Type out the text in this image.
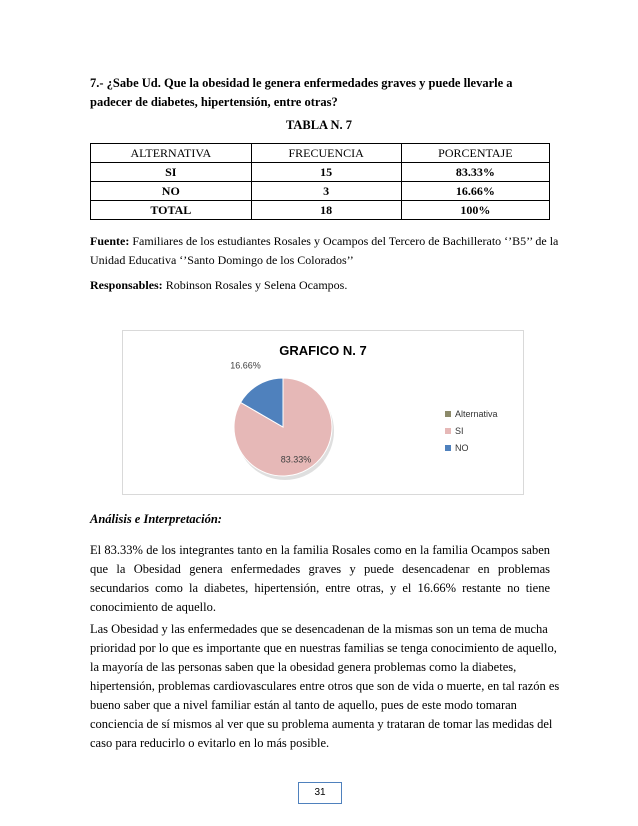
7.- ¿Sabe Ud. Que la obesidad le genera enfermedades graves y puede llevarle a padecer de diabetes, hipertensión, entre otras?
TABLA N. 7
ALTERNATIVA	FRECUENCIA	PORCENTAJE
SI	15	83.33%
NO	3	16.66%
TOTAL	18	100%
Fuente: Familiares de los estudiantes Rosales y Ocampos del Tercero de Bachillerato ‘’B5’’ de la Unidad Educativa ‘’Santo Domingo de los Colorados’’
Responsables: Robinson Rosales y Selena Ocampos.
GRAFICO N. 7
83.33%
16.66%
Alternativa
SI
NO
Análisis e Interpretación:
El 83.33% de los integrantes tanto en la familia Rosales como en la familia Ocampos saben que la Obesidad genera enfermedades graves y puede desencadenar en problemas secundarios como la diabetes, hipertensión, entre otras, y el 16.66% restante no tiene conocimiento de aquello.
Las Obesidad y las enfermedades que se desencadenan de la mismas son un tema de mucha prioridad por lo que es importante que en nuestras familias se tenga conocimiento de aquello, la mayoría de las personas saben que la obesidad genera problemas como la diabetes, hipertensión, problemas cardiovasculares entre otros que son de vida o muerte, en tal razón es bueno saber que a nivel familiar están al tanto de aquello, pues de este modo tomaran conciencia de sí mismos al ver que su problema aumenta y trataran de tomar las medidas del caso para reducirlo o evitarlo en lo más posible.
31
